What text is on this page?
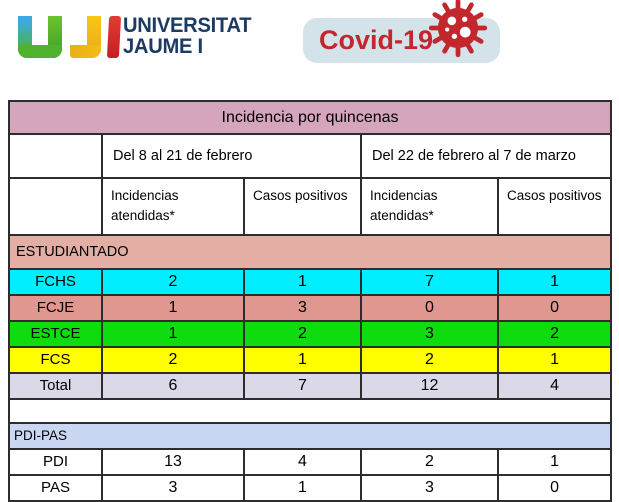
UNIVERSITAT
JAUME I	Covid-19
Incidencia por quincenas				
	Del 8 al 21 de febrero		Del 22 de febrero al 7 de marzo	
	Incidencias atendidas*	Casos positivos	Incidencias atendidas*	Casos positivos
ESTUDIANTADO				
FCHS	2	1	7	1
FCJE	1	3	0	0
ESTCE	1	2	3	2
FCS	2	1	2	1
Total	6	7	12	4

PDI-PAS				
PDI	13	4	2	1
PAS	3	1	3	0
